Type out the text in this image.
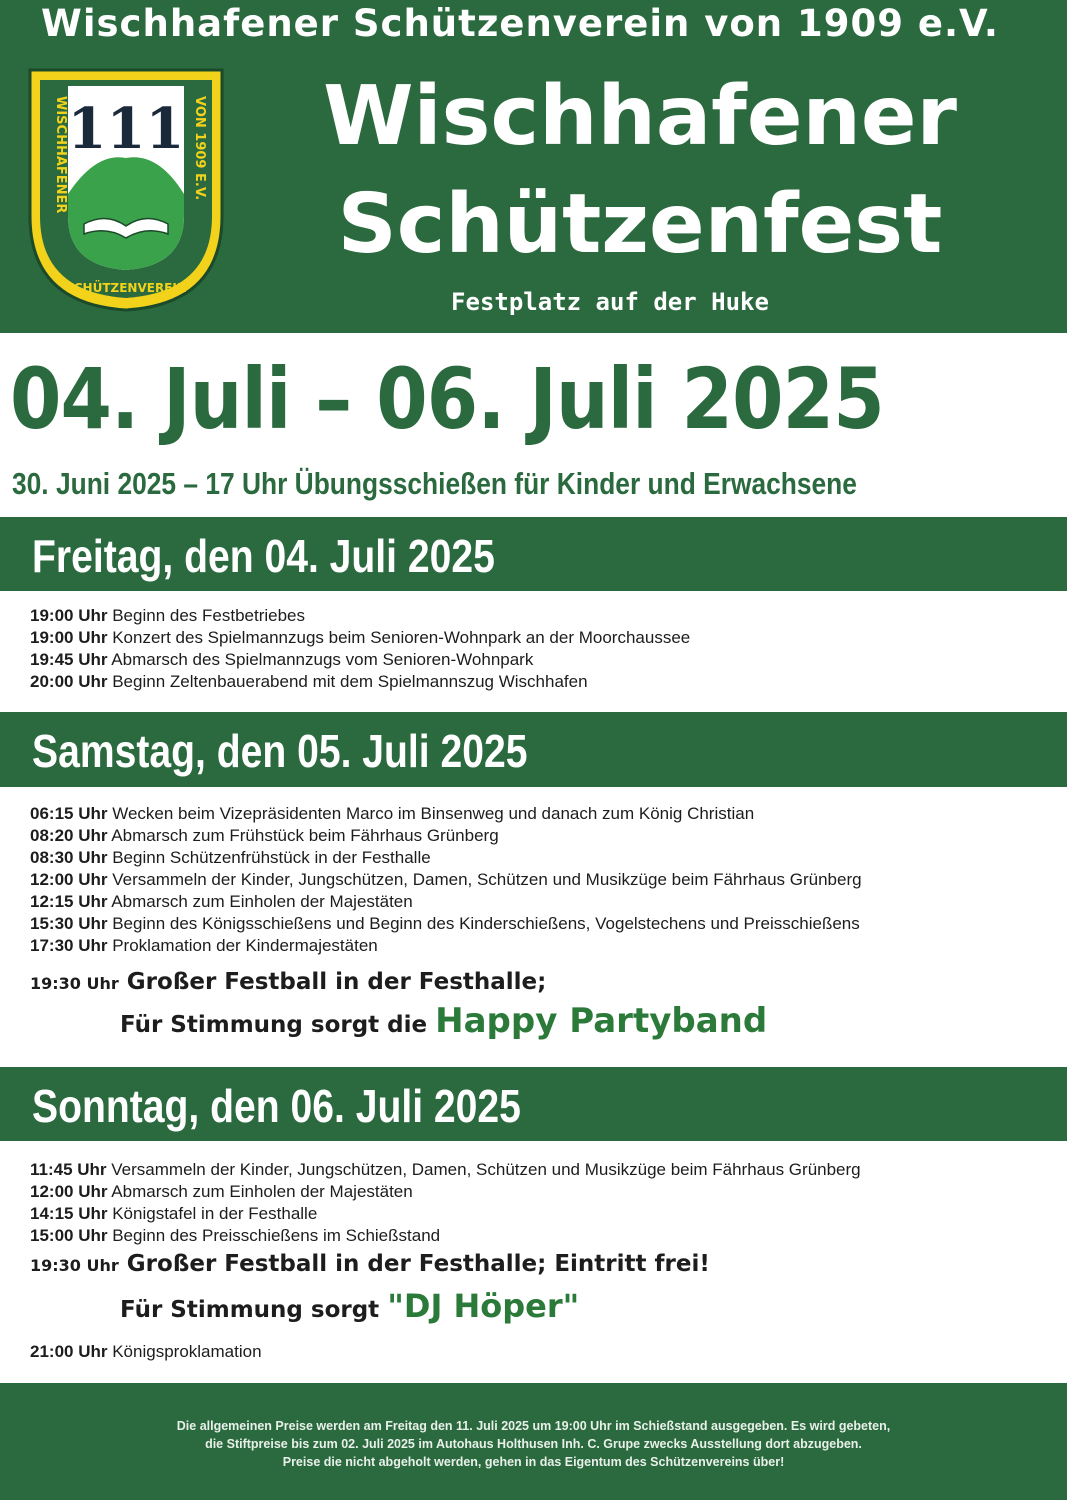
Wischhafener Schützenverein von 1909 e.V.
111
WISCHHAFENER	VON 1909 E.V.
SCHÜTZENVEREIN
Wischhafener
Schützenfest
Festplatz auf der Huke
04. Juli – 06. Juli 2025
30. Juni 2025 – 17 Uhr Übungsschießen für Kinder und Erwachsene
Freitag, den 04. Juli 2025
19:00 Uhr Beginn des Festbetriebes
19:00 Uhr Konzert des Spielmannzugs beim Senioren-Wohnpark an der Moorchaussee
19:45 Uhr Abmarsch des Spielmannzugs vom Senioren-Wohnpark
20:00 Uhr Beginn Zeltenbauerabend mit dem Spielmannszug Wischhafen
Samstag, den 05. Juli 2025
06:15 Uhr Wecken beim Vizepräsidenten Marco im Binsenweg und danach zum König Christian
08:20 Uhr Abmarsch zum Frühstück beim Fährhaus Grünberg
08:30 Uhr Beginn Schützenfrühstück in der Festhalle
12:00 Uhr Versammeln der Kinder, Jungschützen, Damen, Schützen und Musikzüge beim Fährhaus Grünberg
12:15 Uhr Abmarsch zum Einholen der Majestäten
15:30 Uhr Beginn des Königsschießens und Beginn des Kinderschießens, Vogelstechens und Preisschießens
17:30 Uhr Proklamation der Kindermajestäten
19:30 Uhr Großer Festball in der Festhalle;
Für Stimmung sorgt die Happy Partyband
Sonntag, den 06. Juli 2025
11:45 Uhr Versammeln der Kinder, Jungschützen, Damen, Schützen und Musikzüge beim Fährhaus Grünberg
12:00 Uhr Abmarsch zum Einholen der Majestäten
14:15 Uhr Königstafel in der Festhalle
15:00 Uhr Beginn des Preisschießens im Schießstand
19:30 Uhr Großer Festball in der Festhalle; Eintritt frei!
Für Stimmung sorgt "DJ Höper"
21:00 Uhr Königsproklamation
Die allgemeinen Preise werden am Freitag den 11. Juli 2025 um 19:00 Uhr im Schießstand ausgegeben. Es wird gebeten,
die Stiftpreise bis zum 02. Juli 2025 im Autohaus Holthusen Inh. C. Grupe zwecks Ausstellung dort abzugeben.
Preise die nicht abgeholt werden, gehen in das Eigentum des Schützenvereins über!
